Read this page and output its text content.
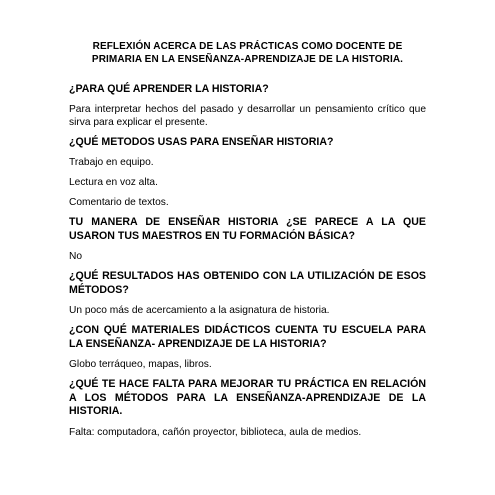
REFLEXIÓN ACERCA DE LAS PRÁCTICAS COMO DOCENTE DE
PRIMARIA EN LA ENSEÑANZA-APRENDIZAJE DE LA HISTORIA.
¿PARA QUÉ APRENDER LA HISTORIA?
Para interpretar hechos del pasado y desarrollar un pensamiento crítico que sirva para explicar el presente.
¿QUÉ METODOS USAS PARA ENSEÑAR HISTORIA?
Trabajo en equipo.
Lectura en voz alta.
Comentario de textos.
TU MANERA DE ENSEÑAR HISTORIA ¿SE PARECE A LA QUE USARON TUS MAESTROS EN TU FORMACIÓN BÁSICA?
No
¿QUÉ RESULTADOS HAS OBTENIDO CON LA UTILIZACIÓN DE ESOS MÉTODOS?
Un poco más de acercamiento a la asignatura de historia.
¿CON QUÉ MATERIALES DIDÁCTICOS CUENTA TU ESCUELA PARA LA ENSEÑANZA- APRENDIZAJE DE LA HISTORIA?
Globo terráqueo, mapas, libros.
¿QUÉ TE HACE FALTA PARA MEJORAR TU PRÁCTICA EN RELACIÓN A LOS MÉTODOS PARA LA ENSEÑANZA-APRENDIZAJE DE LA HISTORIA.
Falta: computadora, cañón proyector, biblioteca, aula de medios.
